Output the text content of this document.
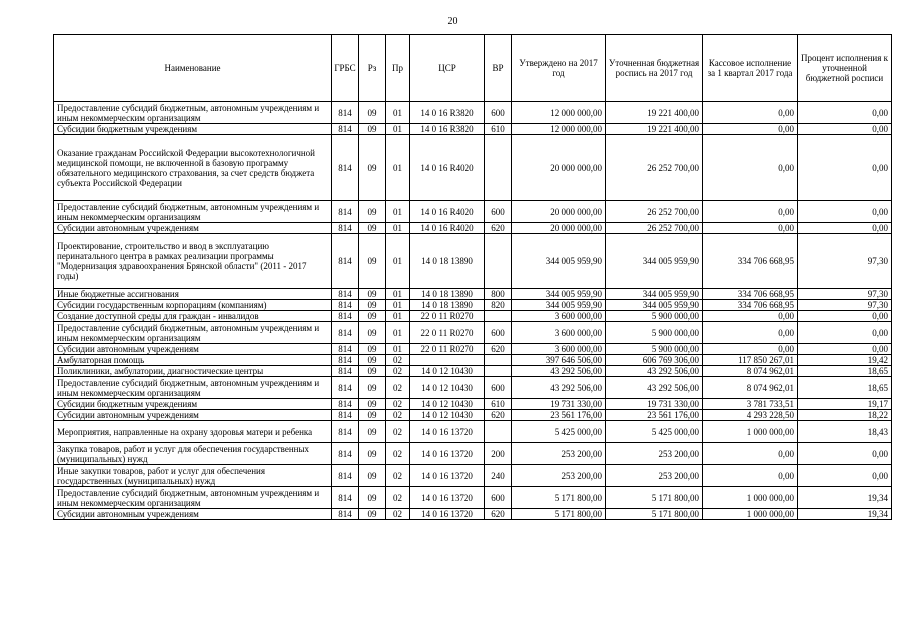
20
Наименование	ГРБС	Рз	Пр	ЦСР	ВР	Утверждено на 2017 год	Уточненная бюджетная роспись на 2017 год	Кассовое исполнение за 1 квартал 2017 года	Процент исполнения к уточненной бюджетной росписи
Предоставление субсидий бюджетным, автономным учреждениям и иным некоммерческим организациям	814	09	01	14 0 16 R3820	600	12 000 000,00	19 221 400,00	0,00	0,00
Субсидии бюджетным учреждениям	814	09	01	14 0 16 R3820	610	12 000 000,00	19 221 400,00	0,00	0,00
Оказание гражданам Российской Федерации высокотехнологичной медицинской помощи, не включенной в базовую программу обязательного медицинского страхования, за счет средств бюджета субъекта Российской Федерации	814	09	01	14 0 16 R4020		20 000 000,00	26 252 700,00	0,00	0,00
Предоставление субсидий бюджетным, автономным учреждениям и иным некоммерческим организациям	814	09	01	14 0 16 R4020	600	20 000 000,00	26 252 700,00	0,00	0,00
Субсидии автономным учреждениям	814	09	01	14 0 16 R4020	620	20 000 000,00	26 252 700,00	0,00	0,00
Проектирование, строительство и ввод в эксплуатацию перинатального центра в рамках реализации программы "Модернизация здравоохранения Брянской области" (2011 - 2017 годы)	814	09	01	14 0 18 13890		344 005 959,90	344 005 959,90	334 706 668,95	97,30
Иные бюджетные ассигнования	814	09	01	14 0 18 13890	800	344 005 959,90	344 005 959,90	334 706 668,95	97,30
Субсидии государственным корпорациям (компаниям)	814	09	01	14 0 18 13890	820	344 005 959,90	344 005 959,90	334 706 668,95	97,30
Создание доступной среды для граждан - инвалидов	814	09	01	22 0 11 R0270		3 600 000,00	5 900 000,00	0,00	0,00
Предоставление субсидий бюджетным, автономным учреждениям и иным некоммерческим организациям	814	09	01	22 0 11 R0270	600	3 600 000,00	5 900 000,00	0,00	0,00
Субсидии автономным учреждениям	814	09	01	22 0 11 R0270	620	3 600 000,00	5 900 000,00	0,00	0,00
Амбулаторная помощь	814	09	02			397 646 506,00	606 769 306,00	117 850 267,01	19,42
Поликлиники, амбулатории, диагностические центры	814	09	02	14 0 12 10430		43 292 506,00	43 292 506,00	8 074 962,01	18,65
Предоставление субсидий бюджетным, автономным учреждениям и иным некоммерческим организациям	814	09	02	14 0 12 10430	600	43 292 506,00	43 292 506,00	8 074 962,01	18,65
Субсидии бюджетным учреждениям	814	09	02	14 0 12 10430	610	19 731 330,00	19 731 330,00	3 781 733,51	19,17
Субсидии автономным учреждениям	814	09	02	14 0 12 10430	620	23 561 176,00	23 561 176,00	4 293 228,50	18,22
Мероприятия, направленные на охрану здоровья матери и ребенка	814	09	02	14 0 16 13720		5 425 000,00	5 425 000,00	1 000 000,00	18,43
Закупка товаров, работ и услуг для обеспечения государственных (муниципальных) нужд	814	09	02	14 0 16 13720	200	253 200,00	253 200,00	0,00	0,00
Иные закупки товаров, работ и услуг для обеспечения государственных (муниципальных) нужд	814	09	02	14 0 16 13720	240	253 200,00	253 200,00	0,00	0,00
Предоставление субсидий бюджетным, автономным учреждениям и иным некоммерческим организациям	814	09	02	14 0 16 13720	600	5 171 800,00	5 171 800,00	1 000 000,00	19,34
Субсидии автономным учреждениям	814	09	02	14 0 16 13720	620	5 171 800,00	5 171 800,00	1 000 000,00	19,34
